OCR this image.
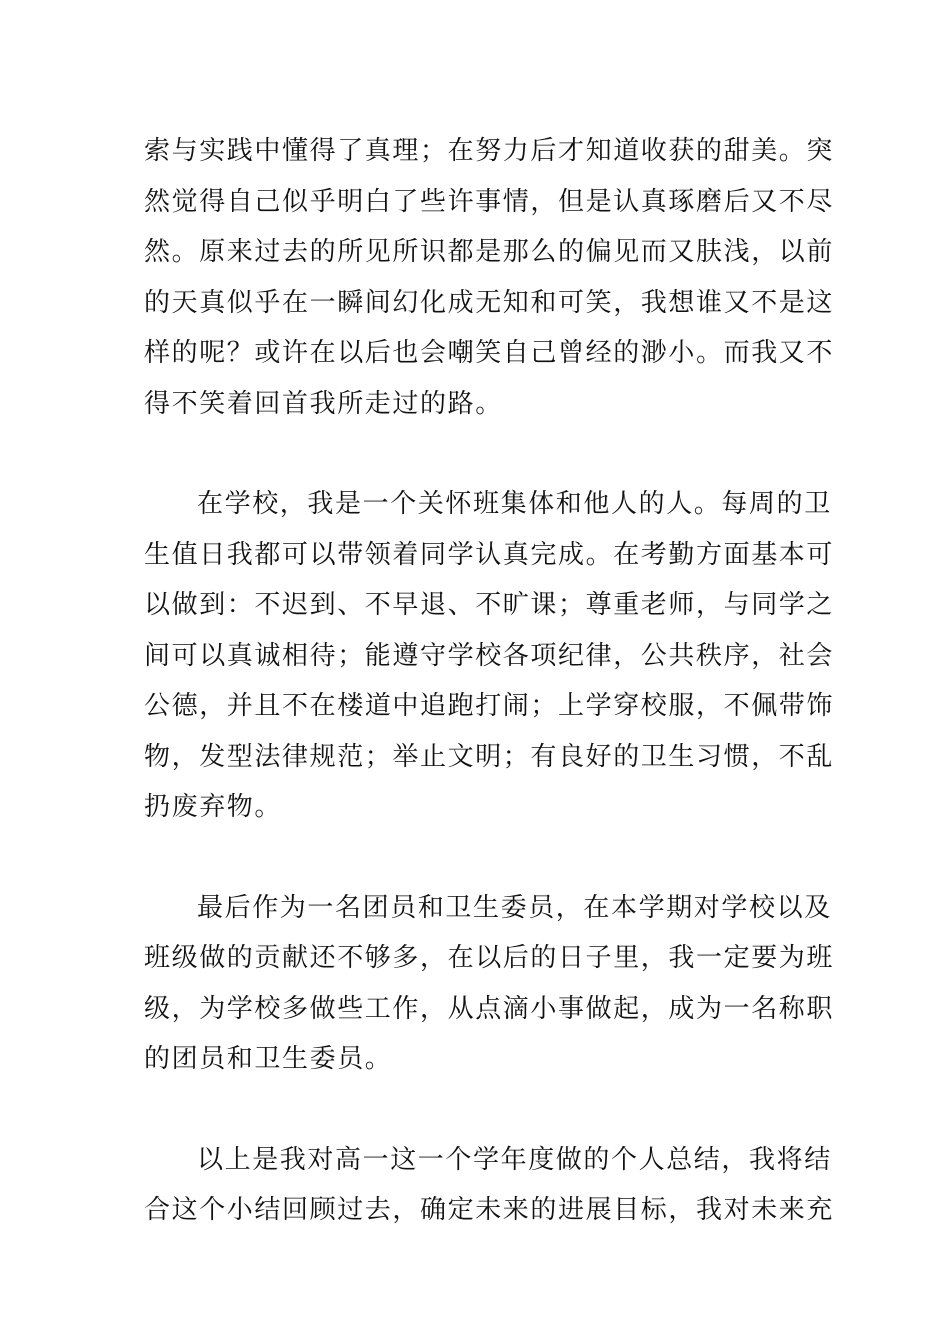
索与实践中懂得了真理；在努力后才知道收获的甜美。突
然觉得自己似乎明白了些许事情，但是认真琢磨后又不尽
然。原来过去的所见所识都是那么的偏见而又肤浅，以前
的天真似乎在一瞬间幻化成无知和可笑，我想谁又不是这
样的呢？或许在以后也会嘲笑自己曾经的渺小。而我又不
得不笑着回首我所走过的路。
在学校，我是一个关怀班集体和他人的人。每周的卫
生值日我都可以带领着同学认真完成。在考勤方面基本可
以做到：不迟到、不早退、不旷课；尊重老师，与同学之
间可以真诚相待；能遵守学校各项纪律，公共秩序，社会
公德，并且不在楼道中追跑打闹；上学穿校服，不佩带饰
物，发型法律规范；举止文明；有良好的卫生习惯，不乱
扔废弃物。
最后作为一名团员和卫生委员，在本学期对学校以及
班级做的贡献还不够多，在以后的日子里，我一定要为班
级，为学校多做些工作，从点滴小事做起，成为一名称职
的团员和卫生委员。
以上是我对高一这一个学年度做的个人总结，我将结
合这个小结回顾过去，确定未来的进展目标，我对未来充
